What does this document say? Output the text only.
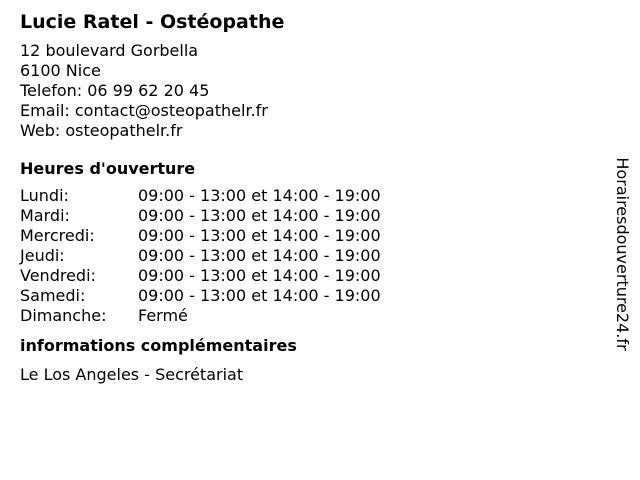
Lucie Ratel - Ostéopathe
12 boulevard Gorbella
6100 Nice
Telefon: 06 99 62 20 45
Email: contact@osteopathelr.fr
Web: osteopathelr.fr
Heures d'ouverture
Lundi:	09:00 - 13:00 et 14:00 - 19:00
Mardi:	09:00 - 13:00 et 14:00 - 19:00
Mercredi:	09:00 - 13:00 et 14:00 - 19:00
Jeudi:	09:00 - 13:00 et 14:00 - 19:00
Vendredi:	09:00 - 13:00 et 14:00 - 19:00
Samedi:	09:00 - 13:00 et 14:00 - 19:00
Dimanche:	Fermé
informations complémentaires
Le Los Angeles - Secrétariat
Horairesdouverture24.fr
